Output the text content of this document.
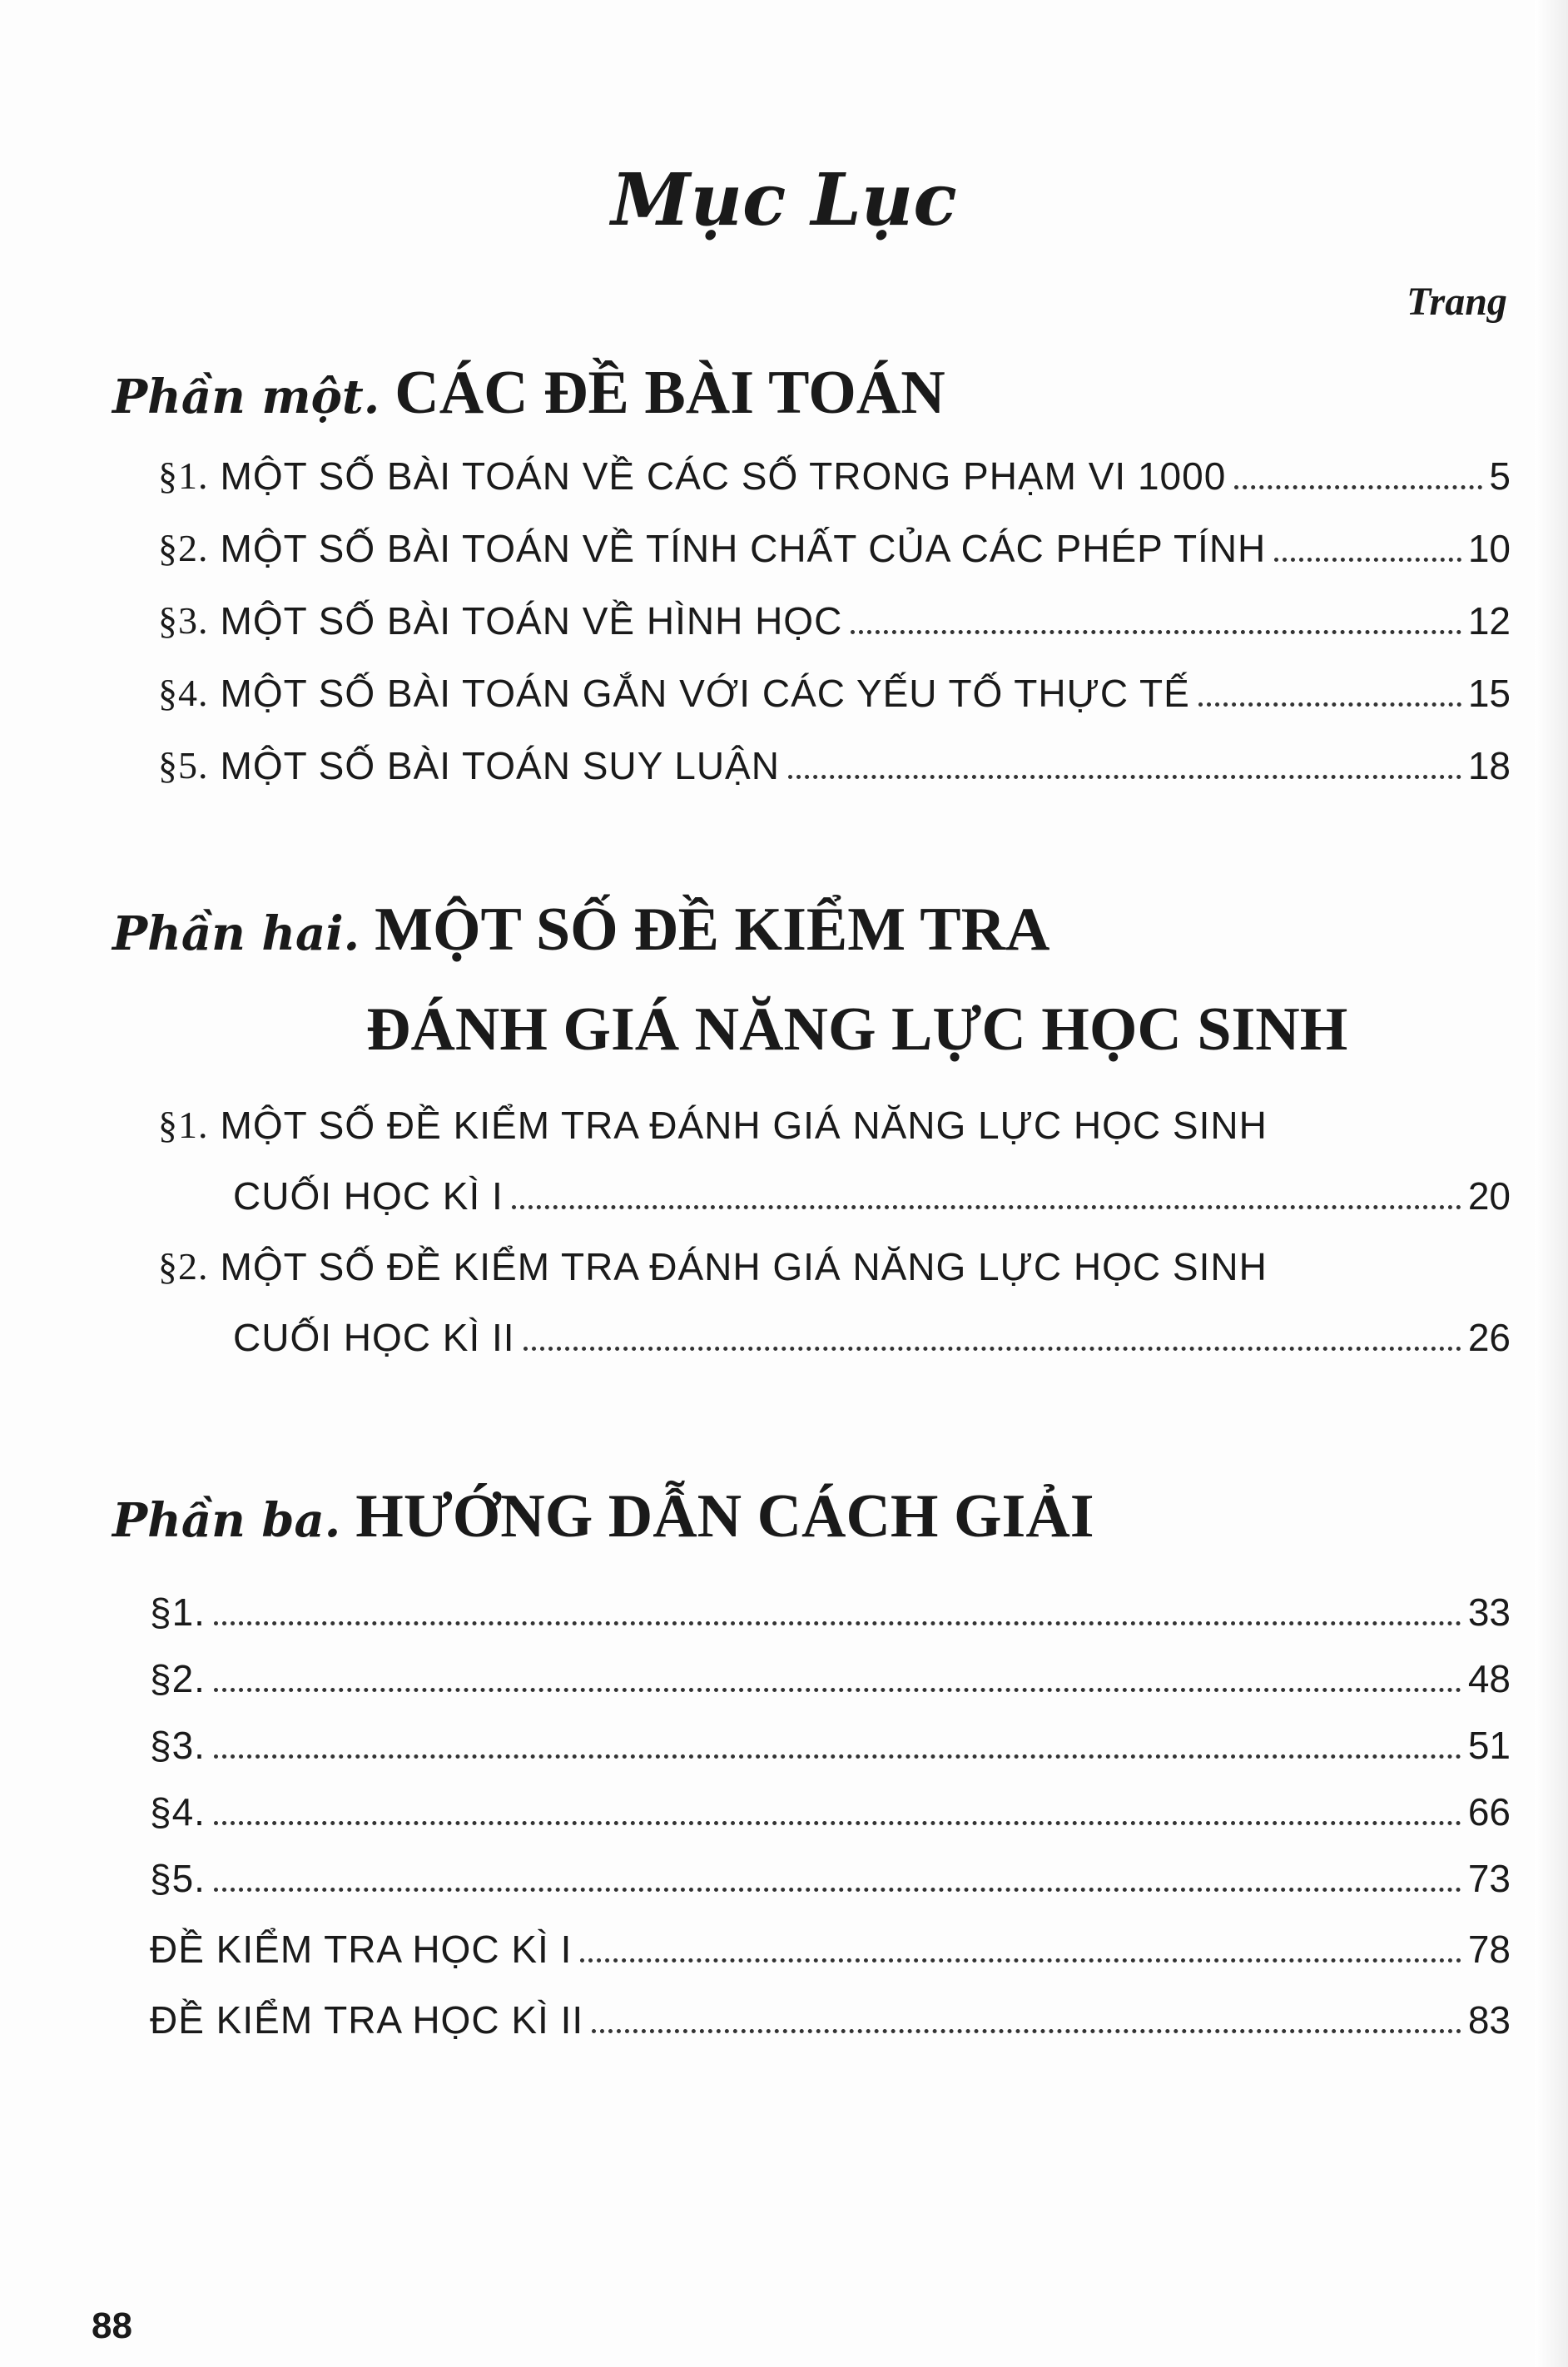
Mục Lục
Trang
Phần một. CÁC ĐỀ BÀI TOÁN
§1. MỘT SỐ BÀI TOÁN VỀ CÁC SỐ TRONG PHẠM VI 1000	5
§2. MỘT SỐ BÀI TOÁN VỀ TÍNH CHẤT CỦA CÁC PHÉP TÍNH	10
§3. MỘT SỐ BÀI TOÁN VỀ HÌNH HỌC	12
§4. MỘT SỐ BÀI TOÁN GẮN VỚI CÁC YẾU TỐ THỰC TẾ	15
§5. MỘT SỐ BÀI TOÁN SUY LUẬN	18
Phần hai. MỘT SỐ ĐỀ KIỂM TRA
ĐÁNH GIÁ NĂNG LỰC HỌC SINH
§1. MỘT SỐ ĐỀ KIỂM TRA ĐÁNH GIÁ NĂNG LỰC HỌC SINH
CUỐI HỌC KÌ I	20
§2. MỘT SỐ ĐỀ KIỂM TRA ĐÁNH GIÁ NĂNG LỰC HỌC SINH
CUỐI HỌC KÌ II	26
Phần ba. HƯỚNG DẪN CÁCH GIẢI
§1.	33
§2.	48
§3.	51
§4.	66
§5.	73
ĐỀ KIỂM TRA HỌC KÌ I	78
ĐỀ KIỂM TRA HỌC KÌ II	83
88
